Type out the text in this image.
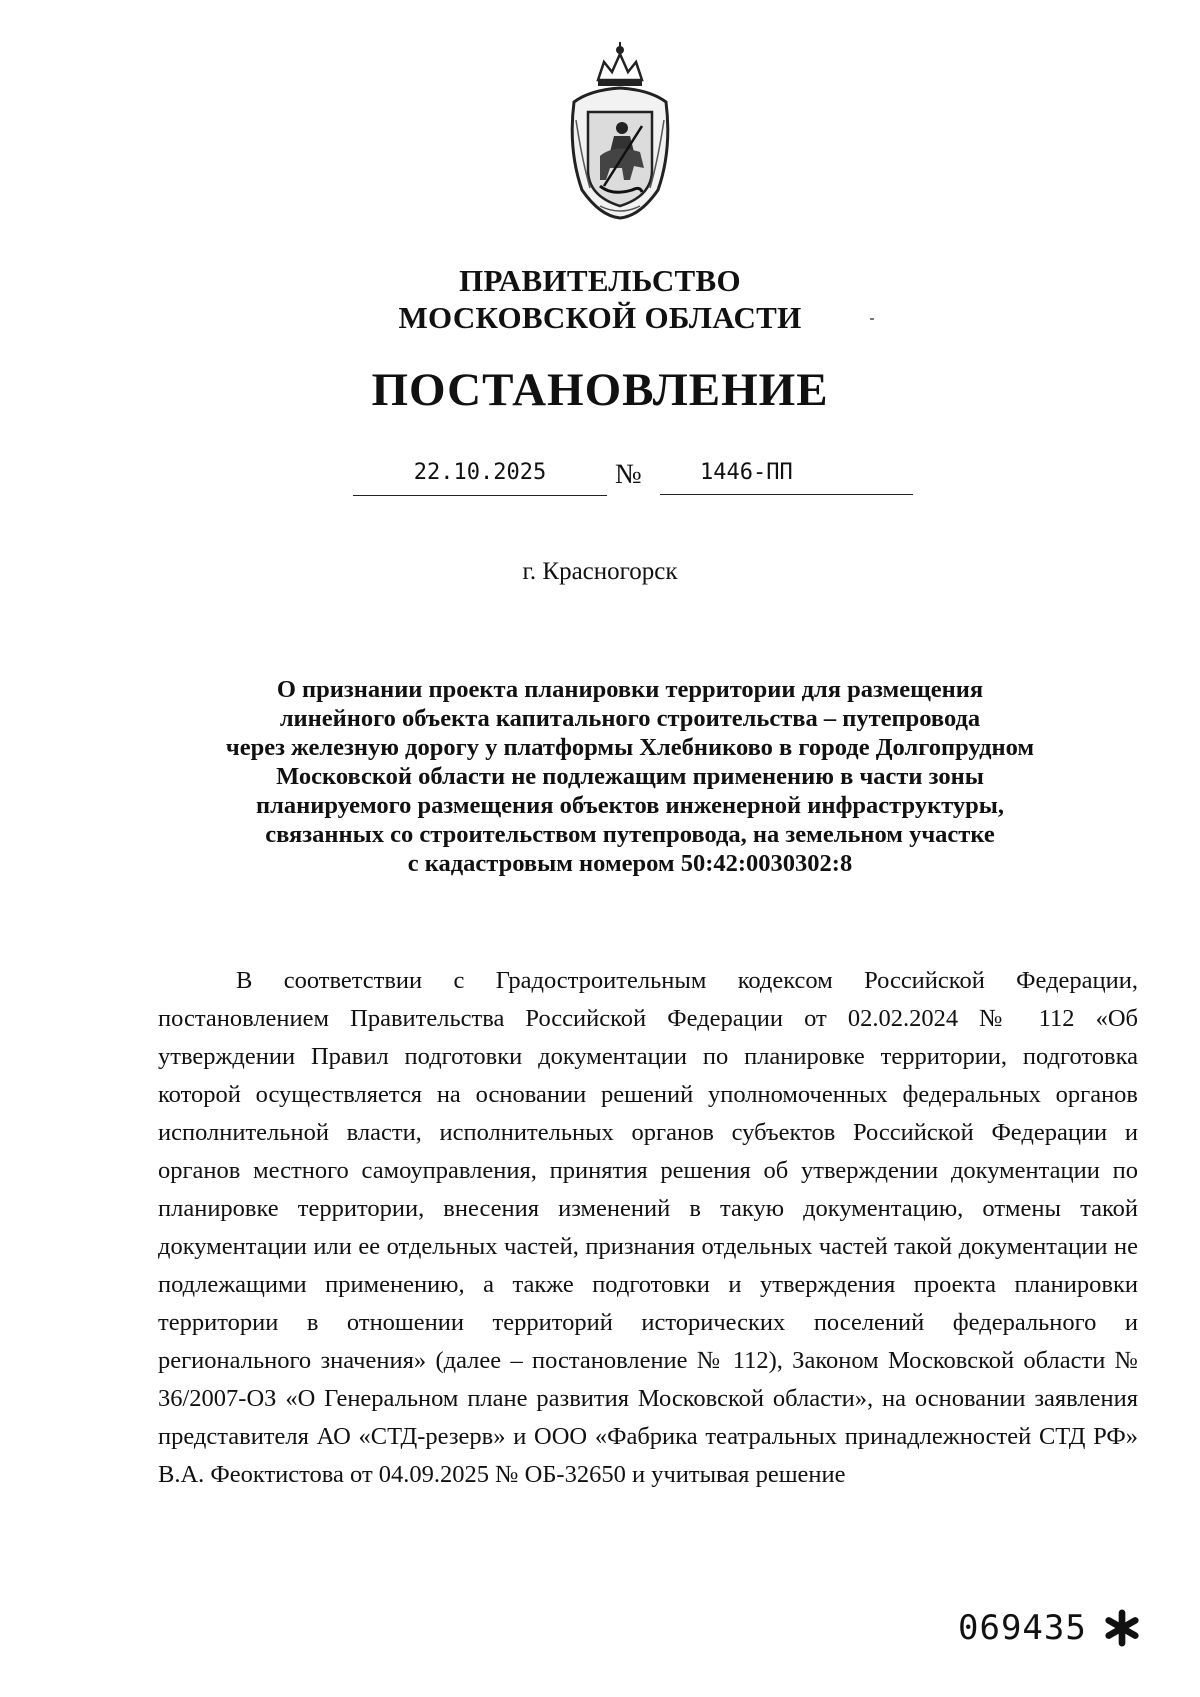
ПРАВИТЕЛЬСТВО
МОСКОВСКОЙ ОБЛАСТИ
ПОСТАНОВЛЕНИЕ
22.10.2025	№	1446-ПП
г. Красногорск
О признании проекта планировки территории для размещения
линейного объекта капитального строительства – путепровода
через железную дорогу у платформы Хлебниково в городе Долгопрудном
Московской области не подлежащим применению в части зоны
планируемого размещения объектов инженерной инфраструктуры,
связанных со строительством путепровода, на земельном участке
с кадастровым номером 50:42:0030302:8

В соответствии с Градостроительным кодексом Российской Федерации, постановлением Правительства Российской Федерации от 02.02.2024 № 112 «Об утверждении Правил подготовки документации по планировке территории, подготовка которой осуществляется на основании решений уполномоченных федеральных органов исполнительной власти, исполнительных органов субъектов Российской Федерации и органов местного самоуправления, принятия решения об утверждении документации по планировке территории, внесения изменений в такую документацию, отмены такой документации или ее отдельных частей, признания отдельных частей такой документации не подлежащими применению, а также подготовки и утверждения проекта планировки территории в отношении территорий исторических поселений федерального и регионального значения» (далее – постановление № 112), Законом Московской области № 36/2007-ОЗ «О Генеральном плане развития Московской области», на основании заявления представителя АО «СТД-резерв» и ООО «Фабрика театральных принадлежностей СТД РФ» В.А. Феоктистова от 04.09.2025 № ОБ-32650 и учитывая решение

069435
